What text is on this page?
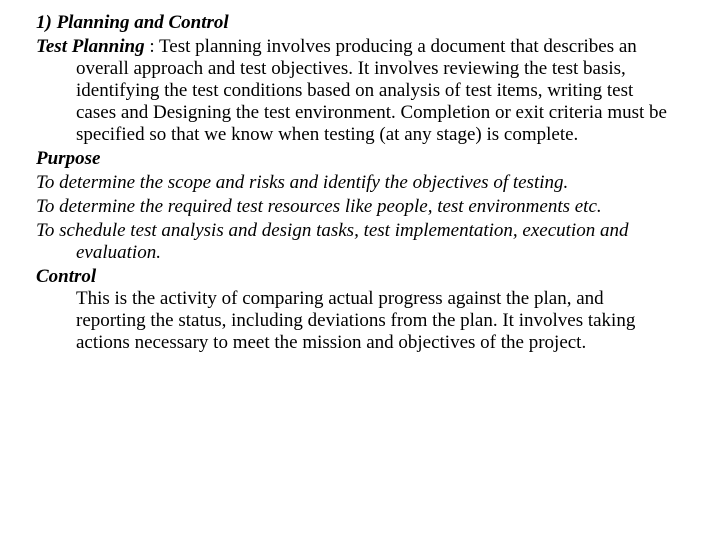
1) Planning and Control

Test Planning : Test planning involves producing a document that describes an overall approach and test objectives. It involves reviewing the test basis, identifying the test conditions based on analysis of test items, writing test cases and Designing the test environment. Completion or exit criteria must be specified so that we know when testing (at any stage) is complete.

Purpose

To determine the scope and risks and identify the objectives of testing.

To determine the required test resources like people, test environments etc.

To schedule test analysis and design tasks, test implementation, execution and evaluation.

Control

This is the activity of comparing actual progress against the plan, and reporting the status, including deviations from the plan. It involves taking actions necessary to meet the mission and objectives of the project.
